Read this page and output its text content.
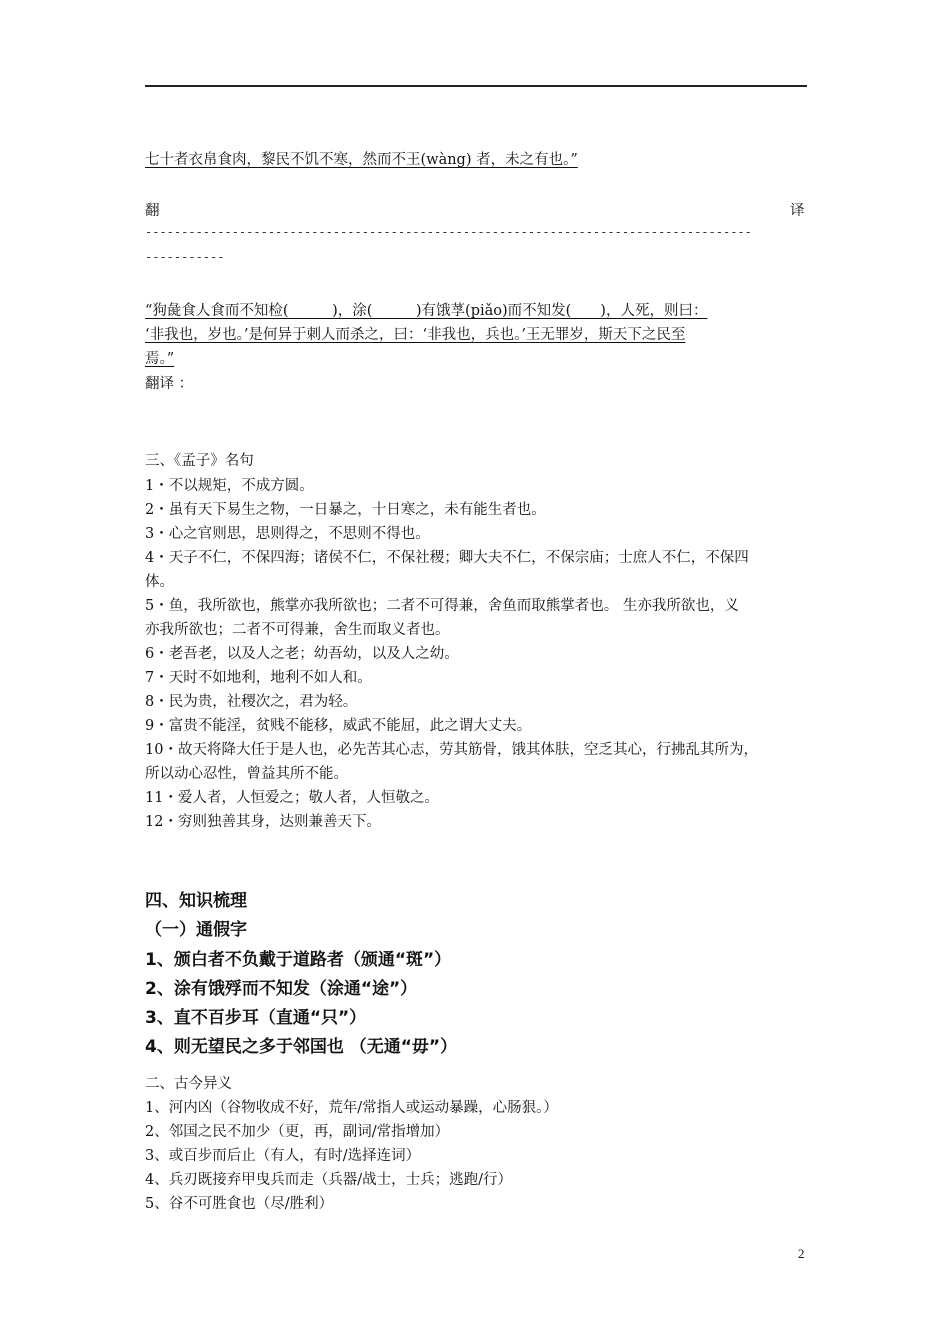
七十者衣帛食肉，黎民不饥不寒，然而不王(wàng) 者，未之有也。”
翻	译
------------------------------------------------------------------------------------
-----------
“狗彘食人食而不知检(　　　)，涂(　　　)有饿莩(piǎo)而不知发(　　)，人死，则曰：
‘非我也，岁也。’是何异于刺人而杀之，曰：‘非我也，兵也。’王无罪岁，斯天下之民至
焉。”
翻译 ：
三、《孟子》名句
1・不以规矩，不成方圆。
2・虽有天下易生之物，一日暴之，十日寒之，未有能生者也。
3・心之官则思，思则得之，不思则不得也。
4・天子不仁，不保四海；诸侯不仁，不保社稷；卿大夫不仁，不保宗庙；士庶人不仁，不保四
体。
5・鱼，我所欲也，熊掌亦我所欲也；二者不可得兼，舍鱼而取熊掌者也。 生亦我所欲也，义
亦我所欲也；二者不可得兼，舍生而取义者也。
6・老吾老，以及人之老；幼吾幼，以及人之幼。
7・天时不如地利，地利不如人和。
8・民为贵，社稷次之，君为轻。
9・富贵不能淫，贫贱不能移，威武不能屈，此之谓大丈夫。
10・故天将降大任于是人也，必先苦其心志，劳其筋骨，饿其体肤，空乏其心，行拂乱其所为，
所以动心忍性，曾益其所不能。
11・爱人者，人恒爱之；敬人者，人恒敬之。
12・穷则独善其身，达则兼善天下。
四、知识梳理
（一）通假字
1、颁白者不负戴于道路者（颁通“斑”）
2、涂有饿殍而不知发（涂通“途”）
3、直不百步耳（直通“只”）
4、则无望民之多于邻国也 （无通“毋”）
二、古今异义
1、河内凶（谷物收成不好，荒年/常指人或运动暴躁，心肠狠。）
2、邻国之民不加少（更，再，副词/常指增加）
3、或百步而后止（有人，有时/选择连词）
4、兵刃既接弃甲曳兵而走（兵器/战士，士兵；逃跑/行）
5、谷不可胜食也（尽/胜利）
2
